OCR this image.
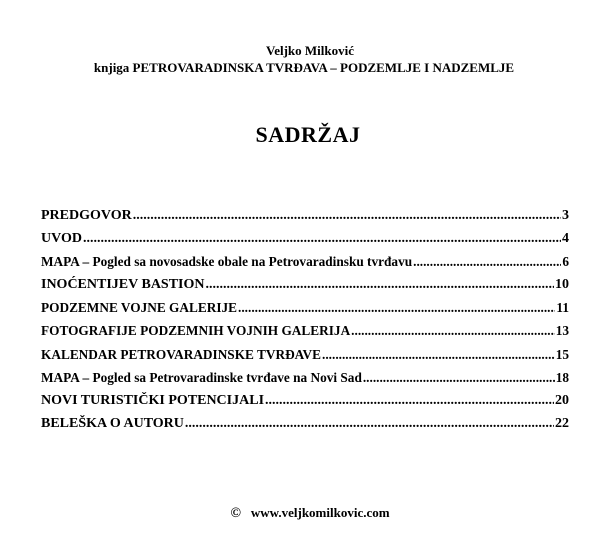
Veljko Milković
knjiga PETROVARADINSKA TVRĐAVA – PODZEMLJE I NADZEMLJE
SADRŽAJ
PREDGOVOR .....	3
UVOD .....	4
MAPA – Pogled sa novosadske obale na Petrovaradinsku tvrđavu .....	6
INOĆENTIJEV BASTION .....	10
PODZEMNE VOJNE GALERIJE .....	11
FOTOGRAFIJE PODZEMNIH VOJNIH GALERIJA .....	13
KALENDAR PETROVARADINSKE TVRĐAVE .....	15
MAPA – Pogled sa Petrovaradinske tvrđave na Novi Sad .....	18
NOVI TURISTIČKI POTENCIJALI .....	20
BELEŠKA O AUTORU .....	22
© www.veljkomilkovic.com
